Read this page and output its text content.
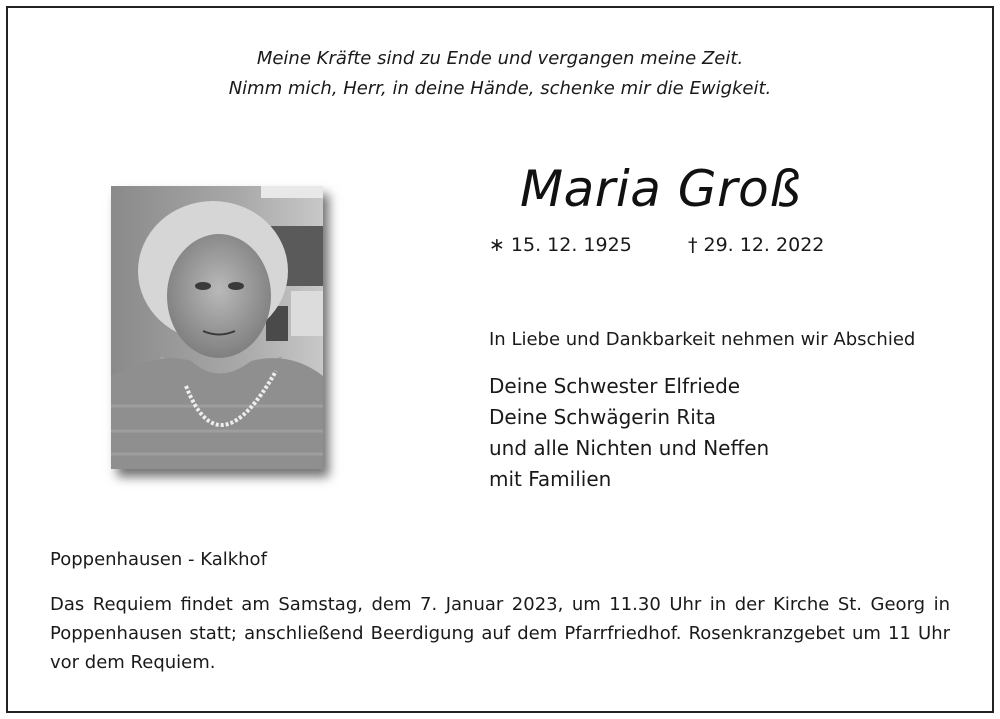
Meine Kräfte sind zu Ende und vergangen meine Zeit.
Nimm mich, Herr, in deine Hände, schenke mir die Ewigkeit.
Maria Groß
∗ 15. 12. 1925	† 29. 12. 2022
In Liebe und Dankbarkeit nehmen wir Abschied
Deine Schwester Elfriede
Deine Schwägerin Rita
und alle Nichten und Neffen
mit Familien
Poppenhausen - Kalkhof
Das Requiem findet am Samstag, dem 7. Januar 2023, um 11.30 Uhr in der Kirche St. Georg in Poppenhausen statt; anschließend Beerdigung auf dem Pfarrfriedhof. Rosenkranzgebet um 11 Uhr vor dem Requiem.
